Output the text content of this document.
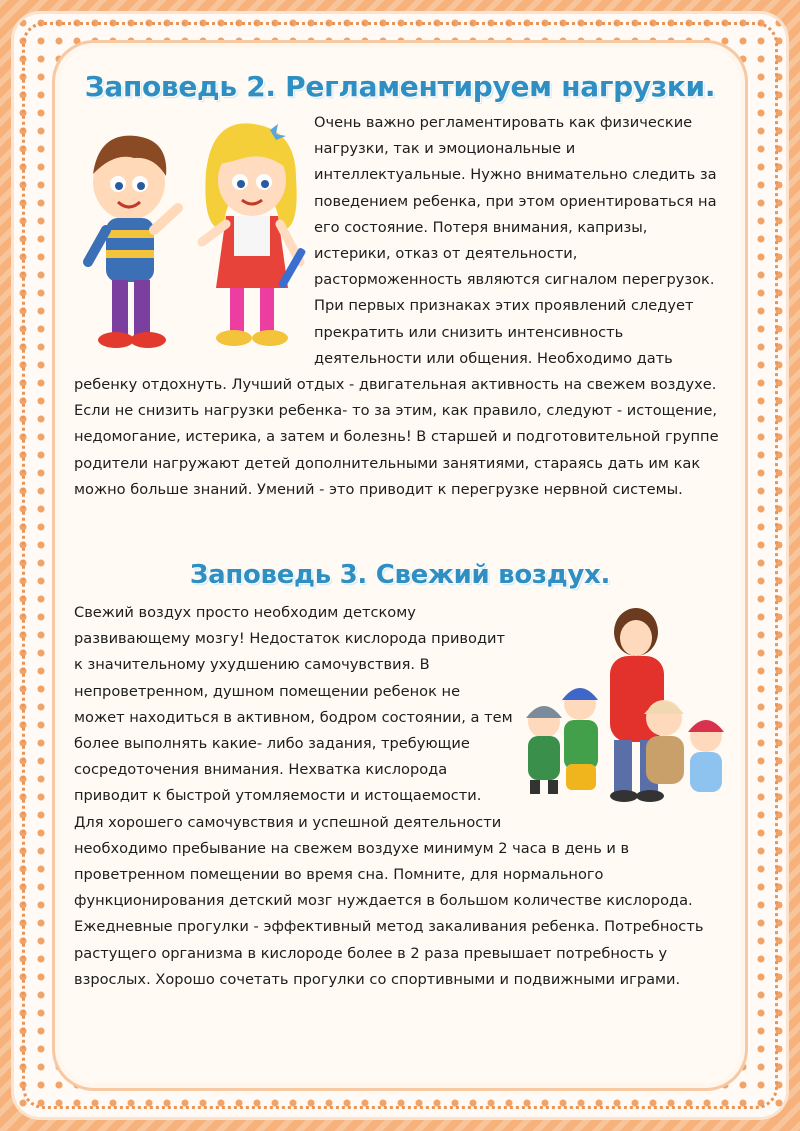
Заповедь 2. Регламентируем нагрузки.
Очень важно регламентировать как физические нагрузки, так и эмоциональные и интеллектуальные. Нужно внимательно следить за поведением ребенка, при этом ориентироваться на его состояние. Потеря внимания, капризы, истерики, отказ от деятельности, расторможенность являются сигналом перегрузок. При первых признаках этих проявлений следует прекратить или снизить интенсивность деятельности или общения. Необходимо дать ребенку отдохнуть. Лучший отдых - двигательная активность на свежем воздухе. Если не снизить нагрузки ребенка- то за этим, как правило, следуют - истощение, недомогание, истерика, а затем и болезнь! В старшей и подготовительной группе родители нагружают детей дополнительными занятиями, стараясь дать им как можно больше знаний. Умений - это приводит к перегрузке нервной системы.
Заповедь 3. Свежий воздух.
Свежий воздух просто необходим детскому развивающему мозгу! Недостаток кислорода приводит к значительному ухудшению самочувствия. В непроветренном, душном помещении ребенок не может находиться в активном, бодром состоянии, а тем более выполнять какие- либо задания, требующие сосредоточения внимания. Нехватка кислорода приводит к быстрой утомляемости и истощаемости. Для хорошего самочувствия и успешной деятельности необходимо пребывание на свежем воздухе минимум 2 часа в день и в проветренном помещении во время сна. Помните, для нормального функционирования детский мозг нуждается в большом количестве кислорода. Ежедневные прогулки - эффективный метод закаливания ребенка. Потребность растущего организма в кислороде более в 2 раза превышает потребность у взрослых. Хорошо сочетать прогулки со спортивными и подвижными играми.
